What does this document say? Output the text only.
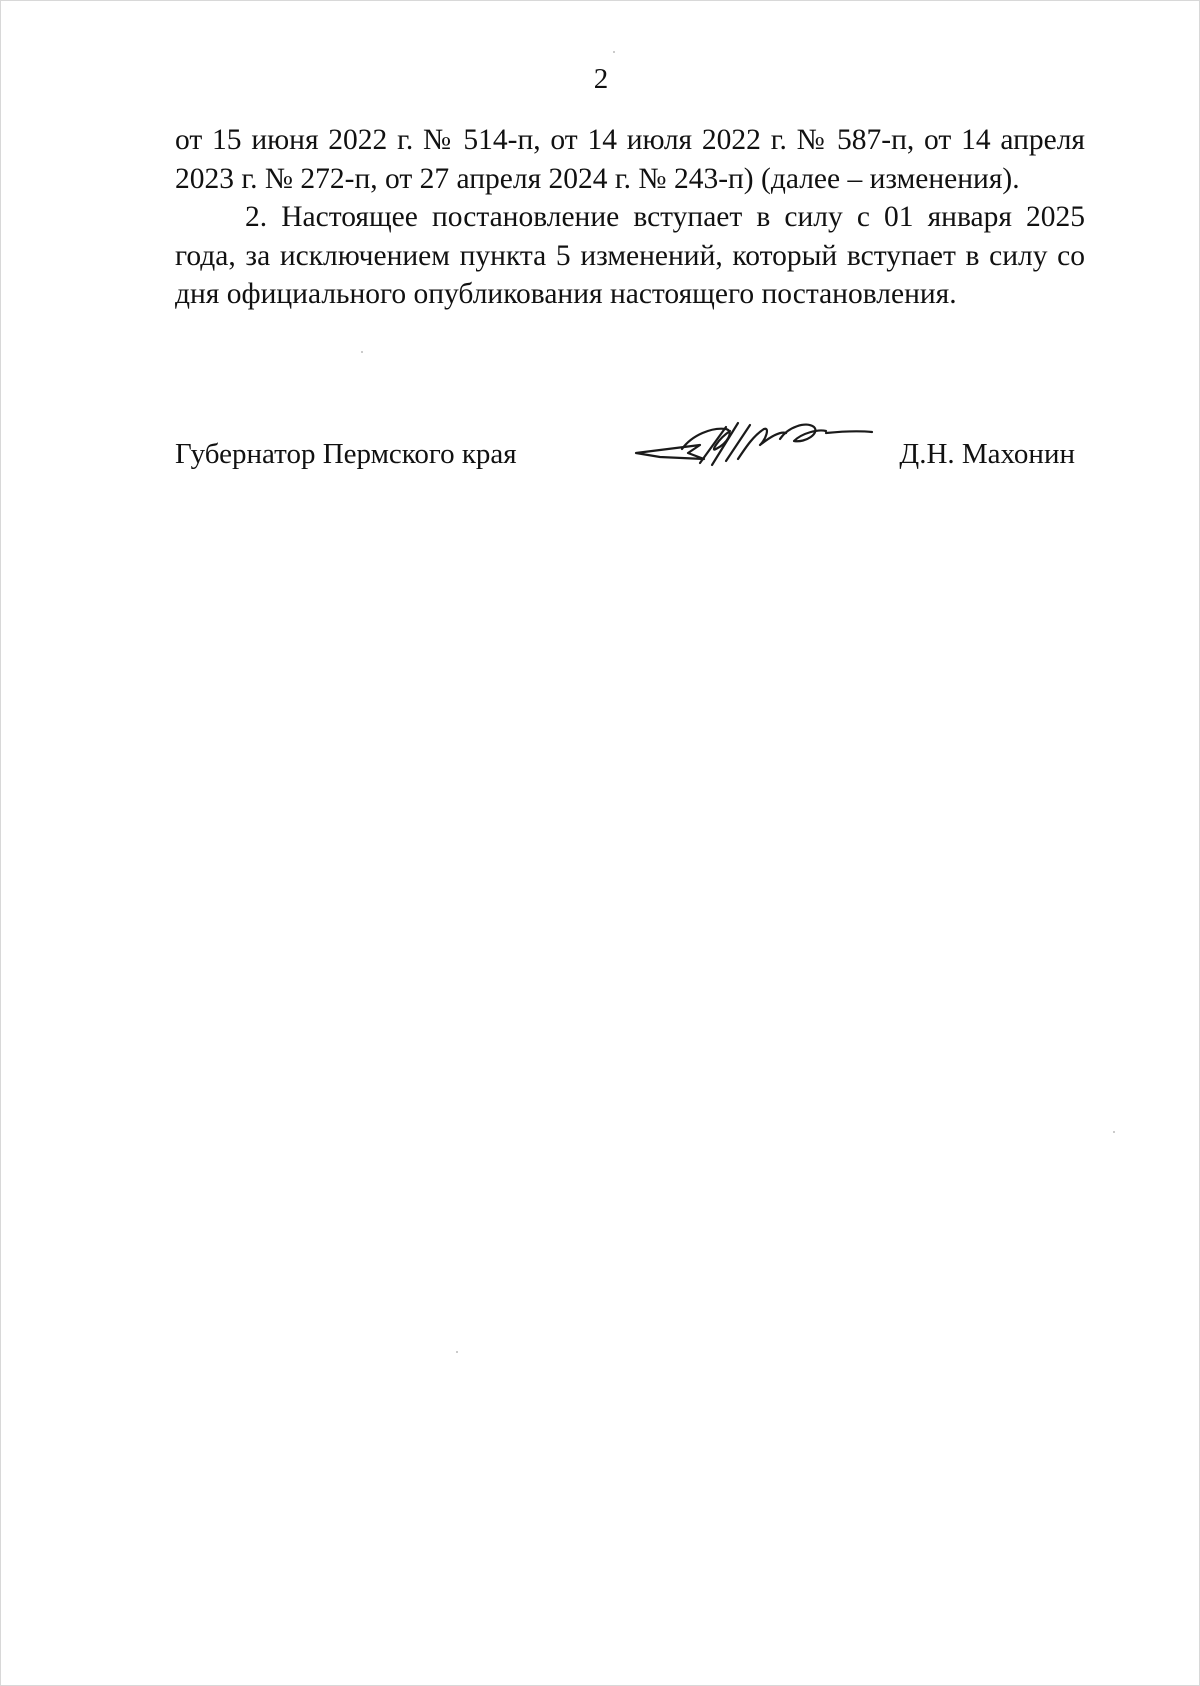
2

от 15 июня 2022 г. № 514-п, от 14 июля 2022 г. № 587-п, от 14 апреля 2023 г. № 272-п, от 27 апреля 2024 г. № 243-п) (далее – изменения).

2. Настоящее постановление вступает в силу с 01 января 2025 года, за исключением пункта 5 изменений, который вступает в силу со дня официального опубликования настоящего постановления.

Губернатор Пермского края	Д.Н. Махонин
